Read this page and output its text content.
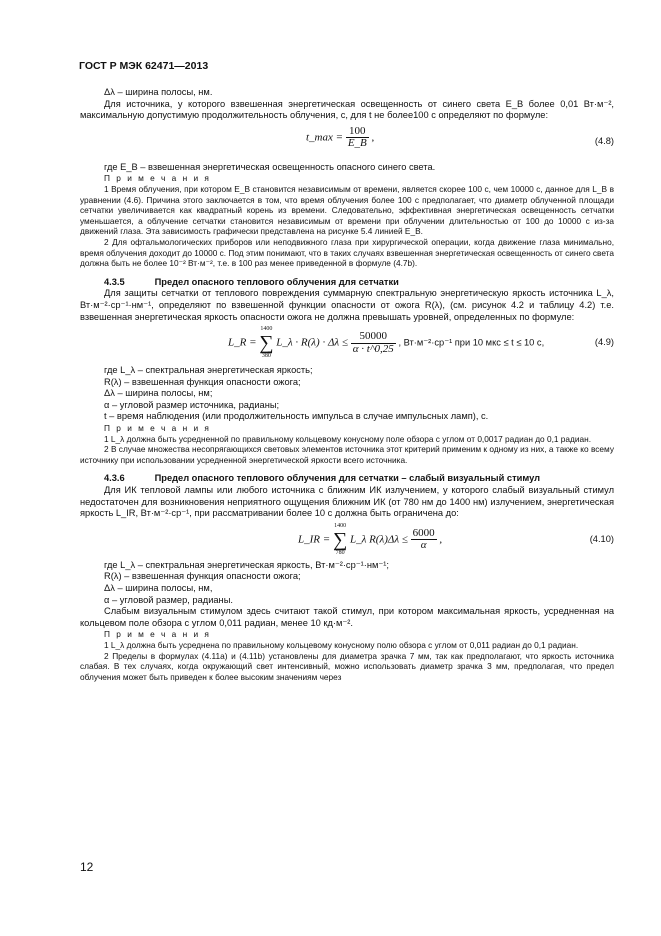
ГОСТ Р МЭК 62471—2013

Δλ – ширина полосы, нм.

Для источника, у которого взвешенная энергетическая освещенность от синего света E_B более 0,01 Вт·м⁻², максимальную допустимую продолжительность облучения, с, для t не более100 с определяют по формуле:

t_max = $\frac{100}{E\_B}$ ,	(4.8)

где E_B – взвешенная энергетическая освещенность опасного синего света.

П р и м е ч а н и я

1 Время облучения, при котором E_B становится независимым от времени, является скорее 100 с, чем 10000 с, данное для L_B в уравнении (4.6). Причина этого заключается в том, что время облучения более 100 с предполагает, что диаметр облученной площади сетчатки увеличивается как квадратный корень из времени. Следовательно, эффективная энергетическая освещенность сетчатки уменьшается, а облучение сетчатки становится независимым от времени при облучении длительностью от 100 до 10000 с из-за движений глаза. Эта зависимость графически представлена на рисунке 5.4 линией E_B.

2 Для офтальмологических приборов или неподвижного глаза при хирургической операции, когда движение глаза минимально, время облучения доходит до 10000 с. Под этим понимают, что в таких случаях взвешенная энергетическая освещенность от синего света должна быть не более 10⁻² Вт·м⁻², т.е. в 100 раз менее приведенной в формуле (4.7b).

4.3.5	Предел опасного теплового облучения для сетчатки

Для защиты сетчатки от теплового повреждения суммарную спектральную энергетическую яркость источника L_λ, Вт·м⁻²·ср⁻¹·нм⁻¹, определяют по взвешенной функции опасности от ожога R(λ), (см. рисунок 4.2 и таблицу 4.2) т.е. взвешенная энергетическая яркость опасности ожога не должна превышать уровней, определенных по формуле:

L_R = 1400
∑
380 L_λ · $R(\lambda) \cdot \Delta\lambda \le \frac{50000}{\alpha \cdot t\^{}0,25}$ , Вт·м⁻²·ср⁻¹ при 10 мкс ≤ t ≤ 10 с,	(4.9)

где L_λ – спектральная энергетическая яркость;

R(λ) – взвешенная функция опасности ожога;

Δλ – ширина полосы, нм;

α – угловой размер источника, радианы;

t – время наблюдения (или продолжительность импульса в случае импульсных ламп), с.

П р и м е ч а н и я

1 L_λ должна быть усредненной по правильному кольцевому конусному поле обзора с углом от 0,0017 радиан до 0,1 радиан.

2 В случае множества несопрягающихся световых элементов источника этот критерий применим к одному из них, а также ко всему источнику при использовании усредненной энергетической яркости всего источника.

4.3.6	Предел опасного теплового облучения для сетчатки – слабый визуальный стимул

Для ИК тепловой лампы или любого источника с ближним ИК излучением, у которого слабый визуальный стимул недостаточен для возникновения неприятного ощущения ближним ИК (от 780 нм до 1400 нм) излучением, энергетическая яркость L_IR, Вт·м⁻²·ср⁻¹, при рассматривании более 10 с должна быть ограничена до:

L_IR = 1400
∑
780 L_λ $R(\lambda)\Delta\lambda \le \frac{6000}{\alpha}$ ,	(4.10)

где L_λ – спектральная энергетическая яркость, Вт·м⁻²·ср⁻¹·нм⁻¹;

R(λ) – взвешенная функция опасности ожога;

Δλ – ширина полосы, нм,

α – угловой размер, радианы.

Слабым визуальным стимулом здесь считают такой стимул, при котором максимальная яркость, усредненная на кольцевом поле обзора с углом 0,011 радиан, менее 10 кд·м⁻².

П р и м е ч а н и я

1 L_λ должна быть усреднена по правильному кольцевому конусному полю обзора с углом от 0,011 радиан до 0,1 радиан.

2 Пределы в формулах (4.11а) и (4.11b) установлены для диаметра зрачка 7 мм, так как предполагают, что яркость источника слабая. В тех случаях, когда окружающий свет интенсивный, можно использовать диаметр зрачка 3 мм, предполагая, что предел облучения может быть приведен к более высоким значениям через

12
